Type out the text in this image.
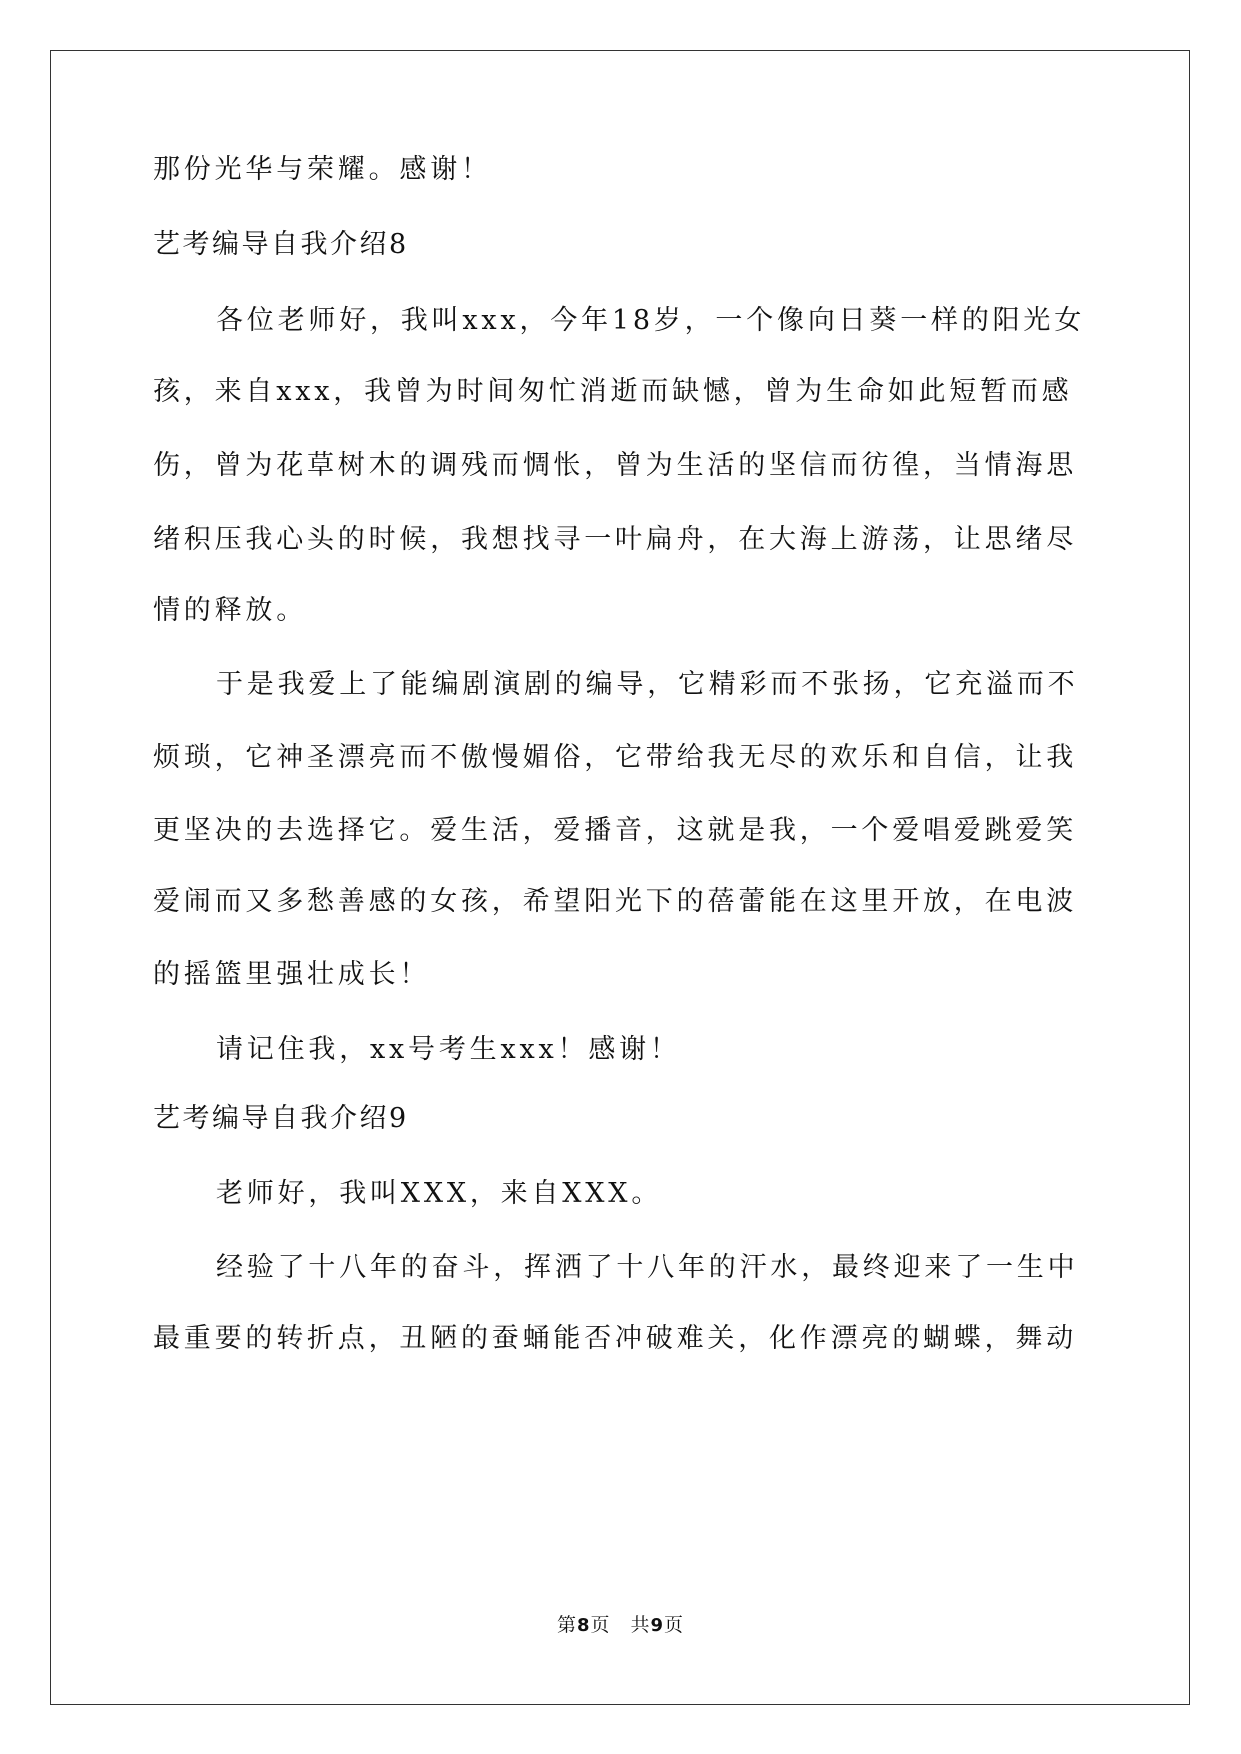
那份光华与荣耀。感谢！
艺考编导自我介绍8
各位老师好，我叫xxx，今年18岁，一个像向日葵一样的阳光女
孩，来自xxx，我曾为时间匆忙消逝而缺憾，曾为生命如此短暂而感
伤，曾为花草树木的调残而惆怅，曾为生活的坚信而彷徨，当情海思
绪积压我心头的时候，我想找寻一叶扁舟，在大海上游荡，让思绪尽
情的释放。
于是我爱上了能编剧演剧的编导，它精彩而不张扬，它充溢而不
烦琐，它神圣漂亮而不傲慢媚俗，它带给我无尽的欢乐和自信，让我
更坚决的去选择它。爱生活，爱播音，这就是我，一个爱唱爱跳爱笑
爱闹而又多愁善感的女孩，希望阳光下的蓓蕾能在这里开放，在电波
的摇篮里强壮成长！
请记住我，xx号考生xxx！感谢！
艺考编导自我介绍9
老师好，我叫XXX，来自XXX。
经验了十八年的奋斗，挥洒了十八年的汗水，最终迎来了一生中
最重要的转折点，丑陋的蚕蛹能否冲破难关，化作漂亮的蝴蝶，舞动
第8页　共9页
